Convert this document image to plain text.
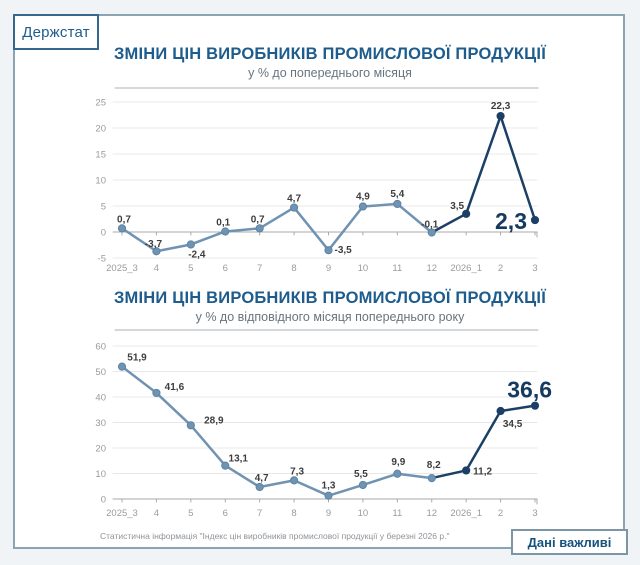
Держстат
ЗМІНИ ЦІН ВИРОБНИКІВ ПРОМИСЛОВОЇ ПРОДУКЦІЇ

у % до попереднього місяця

ЗМІНИ ЦІН ВИРОБНИКІВ ПРОМИСЛОВОЇ ПРОДУКЦІЇ

у % до відповідного місяця попереднього року

25
20
15
10
5
0
-5
2025_3 4	5	6	7	8	9	10	11	12 2026_1 2	3
0,7
-3,7
-2,4
0,1 0,7
4,7
-3,5
4,9 5,4
-0,1
3,5
22,3
2,3
60
50
40
30
20
10
0
2025_3 4	5	6	7	8	9	10	11	12 2026_1 2	3
51,9
41,6
28,9
13,1
4,7
7,3
1,3
5,5
9,9 8,2
11,2
34,5
36,6
Статистична інформація "Індекс цін виробників промислової продукції у березні 2026 р."	Дані важливі
